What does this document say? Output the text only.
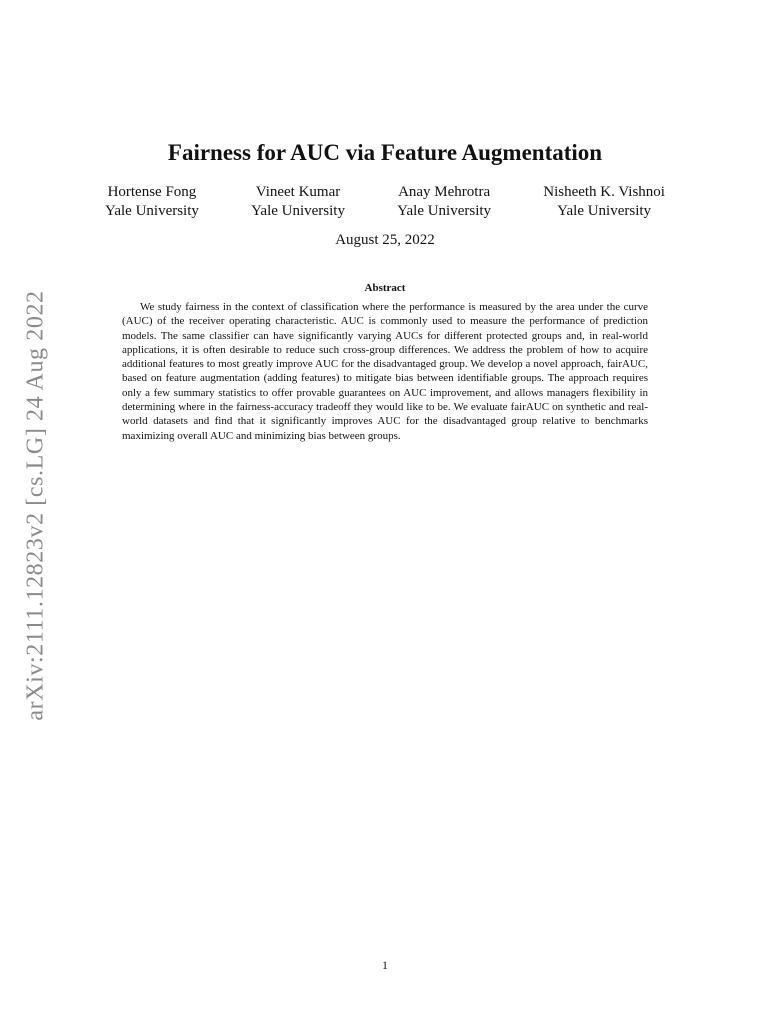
arXiv:2111.12823v2 [cs.LG] 24 Aug 2022
Fairness for AUC via Feature Augmentation
Hortense Fong
Yale University
Vineet Kumar
Yale University
Anay Mehrotra
Yale University
Nisheeth K. Vishnoi
Yale University
August 25, 2022
Abstract

We study fairness in the context of classification where the performance is measured by the area under the curve (AUC) of the receiver operating characteristic. AUC is commonly used to measure the performance of prediction models. The same classifier can have significantly varying AUCs for different protected groups and, in real-world applications, it is often desirable to reduce such cross-group differences. We address the problem of how to acquire additional features to most greatly improve AUC for the disadvantaged group. We develop a novel approach, fairAUC, based on feature augmentation (adding features) to mitigate bias between identifiable groups. The approach requires only a few summary statistics to offer provable guarantees on AUC improvement, and allows managers flexibility in determining where in the fairness-accuracy tradeoff they would like to be. We evaluate fairAUC on synthetic and real-world datasets and find that it significantly improves AUC for the disadvantaged group relative to benchmarks maximizing overall AUC and minimizing bias between groups.

1
